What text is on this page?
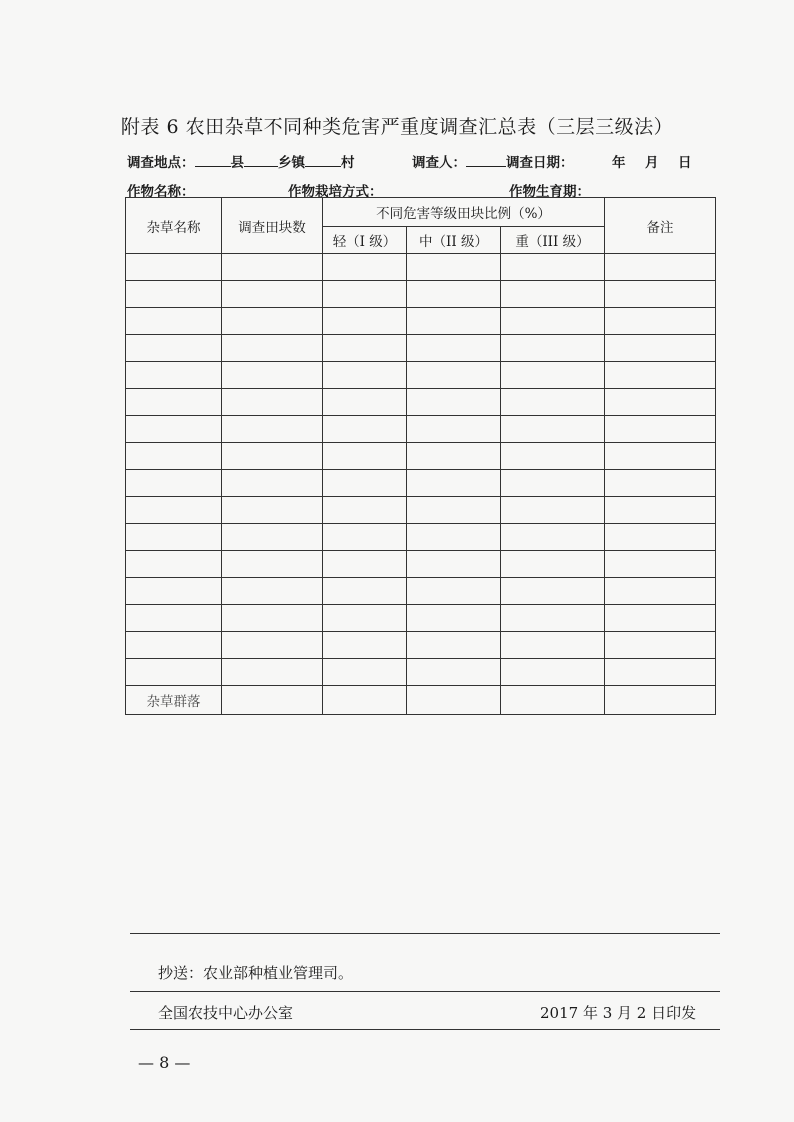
附表 6 农田杂草不同种类危害严重度调查汇总表（三层三级法）
调查地点：	县	乡镇	村	调查人：	调查日期：	年 月 日
作物名称：	作物栽培方式：	作物生育期：
杂草名称	调查田块数	不同危害等级田块比例（%）			备注
		轻（I 级）	中（II 级）	重（III 级）	

杂草群落					
抄送：农业部种植业管理司。
全国农技中心办公室	2017 年 3 月 2 日印发
— 8 —
